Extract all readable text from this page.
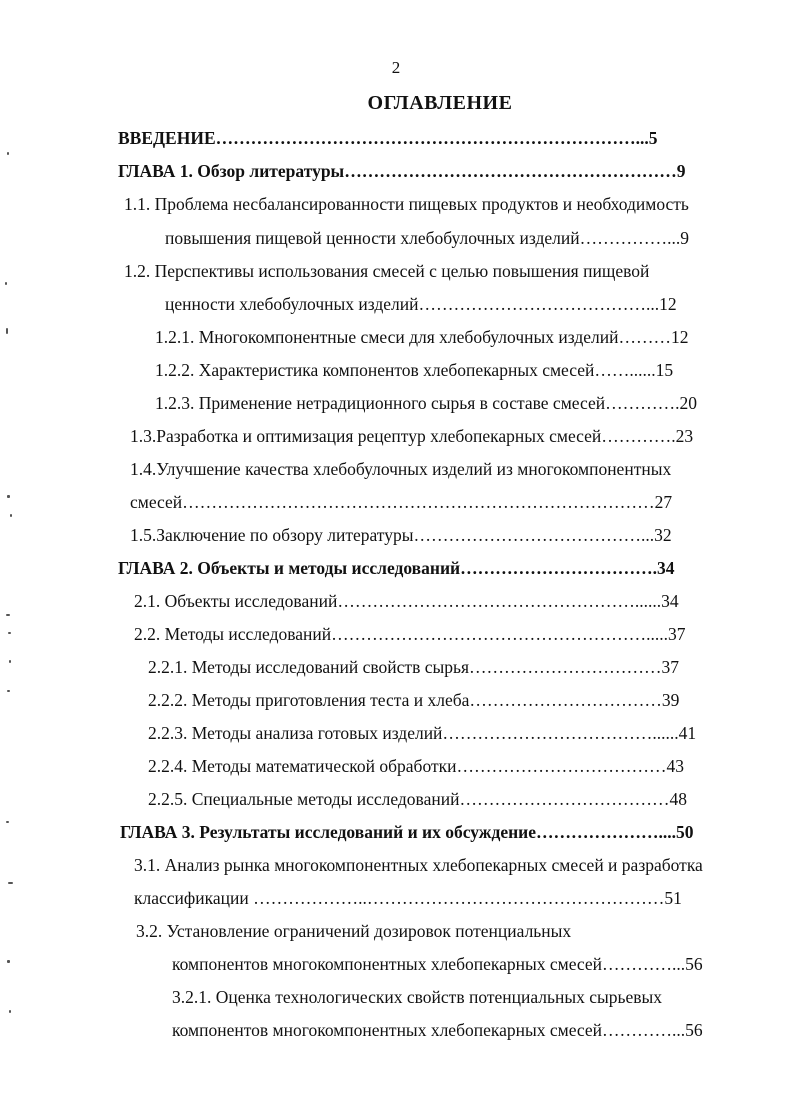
2
ОГЛАВЛЕНИЕ
ВВЕДЕНИЕ………………………………………………………………...5
ГЛАВА 1. Обзор литературы…………………………………………………9
1.1. Проблема несбалансированности пищевых продуктов и необходимость
повышения пищевой ценности хлебобулочных изделий……………...9
1.2. Перспективы использования смесей с целью повышения пищевой
ценности хлебобулочных изделий…………………………………...12
1.2.1. Многокомпонентные смеси для хлебобулочных изделий………12
1.2.2. Характеристика компонентов хлебопекарных смесей……......15
1.2.3. Применение нетрадиционного сырья в составе смесей………….20
1.3.Разработка и оптимизация рецептур хлебопекарных смесей………….23
1.4.Улучшение качества хлебобулочных изделий из многокомпонентных
смесей………………………………………………………………………27
1.5.Заключение по обзору литературы…………………………………...32
ГЛАВА 2. Объекты и методы исследований…………………………….34
2.1. Объекты исследований……………………………………………......34
2.2. Методы исследований……………………………………………….....37
2.2.1. Методы исследований свойств сырья……………………………37
2.2.2. Методы приготовления теста и хлеба……………………………39
2.2.3. Методы анализа готовых изделий………………………………......41
2.2.4. Методы математической обработки………………………………43
2.2.5. Специальные методы исследований………………………………48
ГЛАВА 3. Результаты исследований и их обсуждение…………………....50
3.1. Анализ рынка многокомпонентных хлебопекарных смесей и разработка
классификации ………………..……………………………………………51
3.2. Установление ограничений дозировок потенциальных
компонентов многокомпонентных хлебопекарных смесей…………...56
3.2.1. Оценка технологических свойств потенциальных сырьевых
компонентов многокомпонентных хлебопекарных смесей…………...56
